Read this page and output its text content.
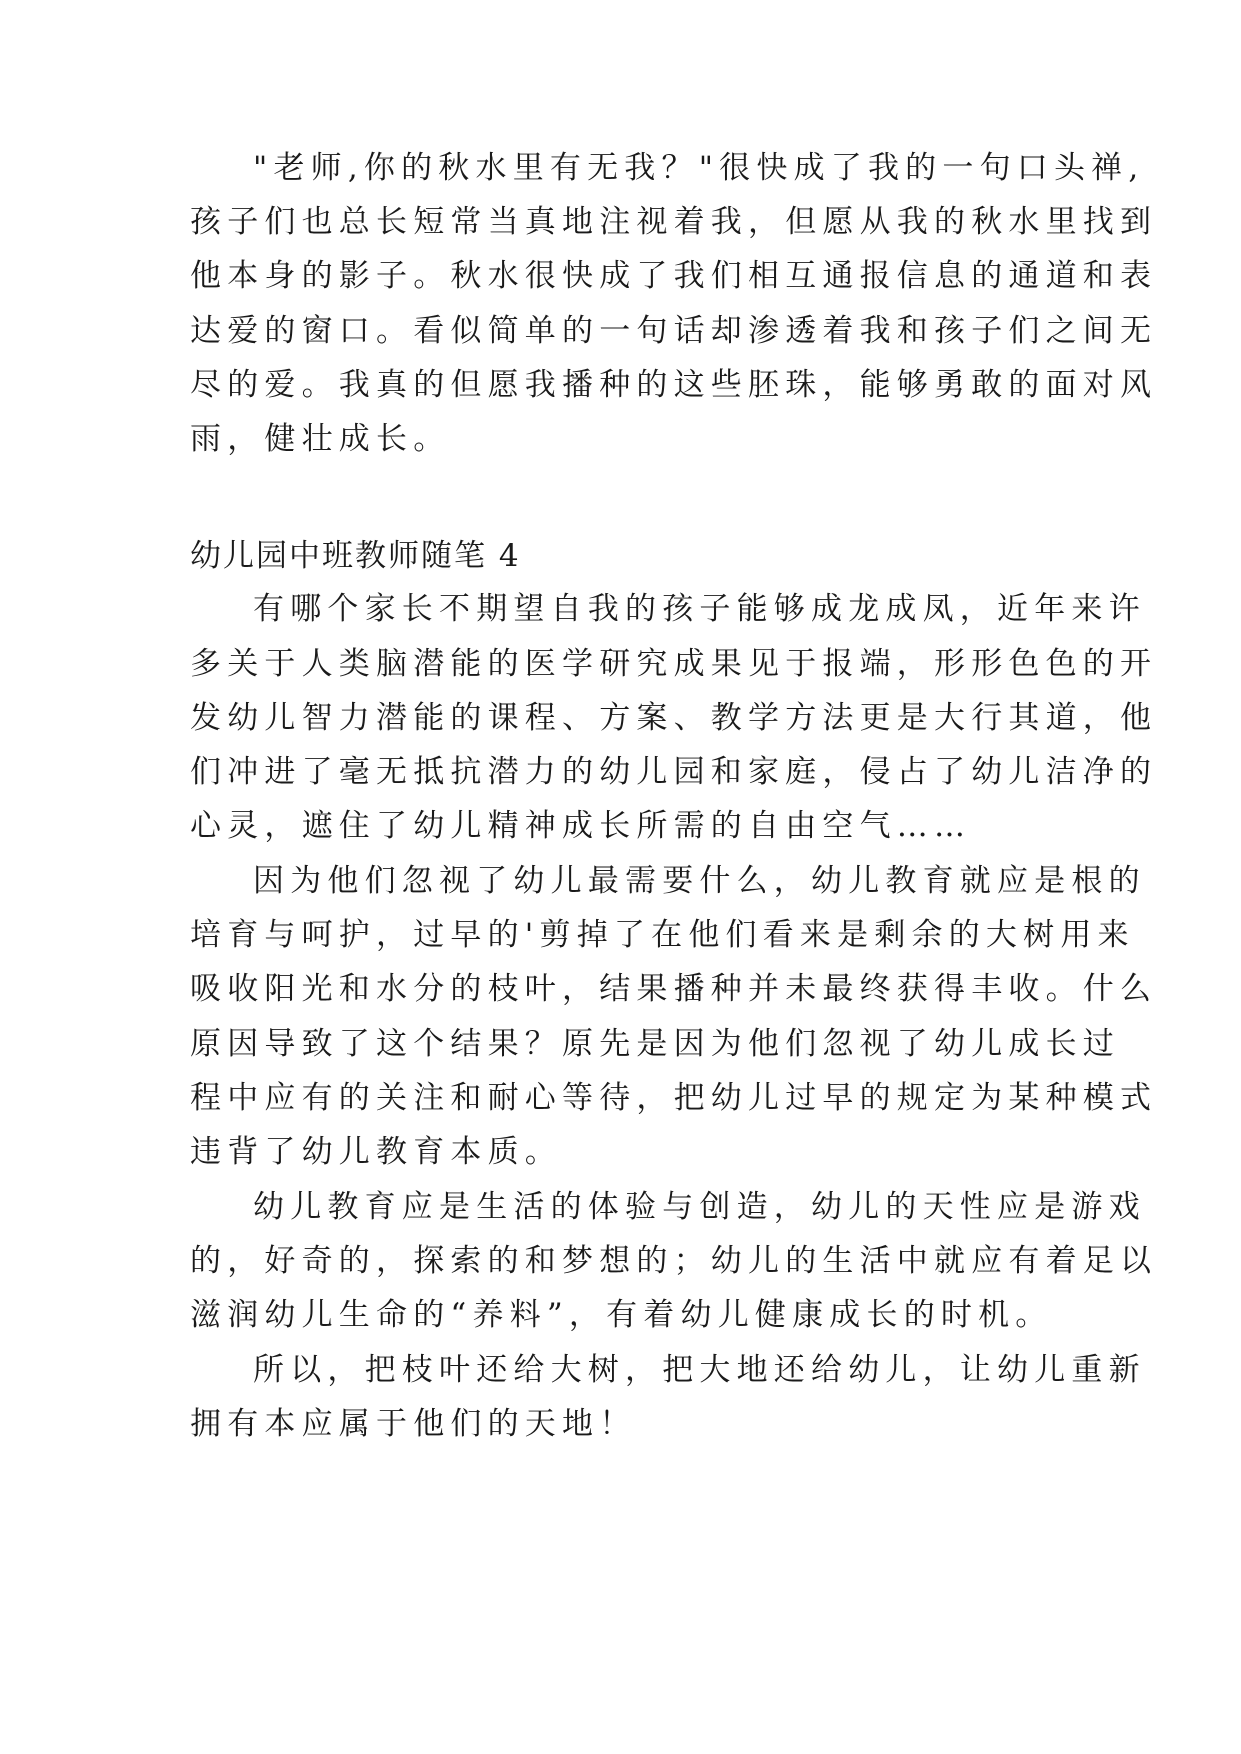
"老师,你的秋水里有无我？"很快成了我的一句口头禅,
孩子们也总长短常当真地注视着我，但愿从我的秋水里找到
他本身的影子。秋水很快成了我们相互通报信息的通道和表
达爱的窗口。看似简单的一句话却渗透着我和孩子们之间无
尽的爱。我真的但愿我播种的这些胚珠，能够勇敢的面对风
雨，健壮成长。
幼儿园中班教师随笔 4
有哪个家长不期望自我的孩子能够成龙成凤，近年来许
多关于人类脑潜能的医学研究成果见于报端，形形色色的开
发幼儿智力潜能的课程、方案、教学方法更是大行其道，他
们冲进了毫无抵抗潜力的幼儿园和家庭，侵占了幼儿洁净的
心灵，遮住了幼儿精神成长所需的自由空气……
因为他们忽视了幼儿最需要什么，幼儿教育就应是根的
培育与呵护，过早的'剪掉了在他们看来是剩余的大树用来
吸收阳光和水分的枝叶，结果播种并未最终获得丰收。什么
原因导致了这个结果？原先是因为他们忽视了幼儿成长过
程中应有的关注和耐心等待，把幼儿过早的规定为某种模式
违背了幼儿教育本质。
幼儿教育应是生活的体验与创造，幼儿的天性应是游戏
的，好奇的，探索的和梦想的；幼儿的生活中就应有着足以
滋润幼儿生命的“养料”，有着幼儿健康成长的时机。
所以，把枝叶还给大树，把大地还给幼儿，让幼儿重新
拥有本应属于他们的天地！
